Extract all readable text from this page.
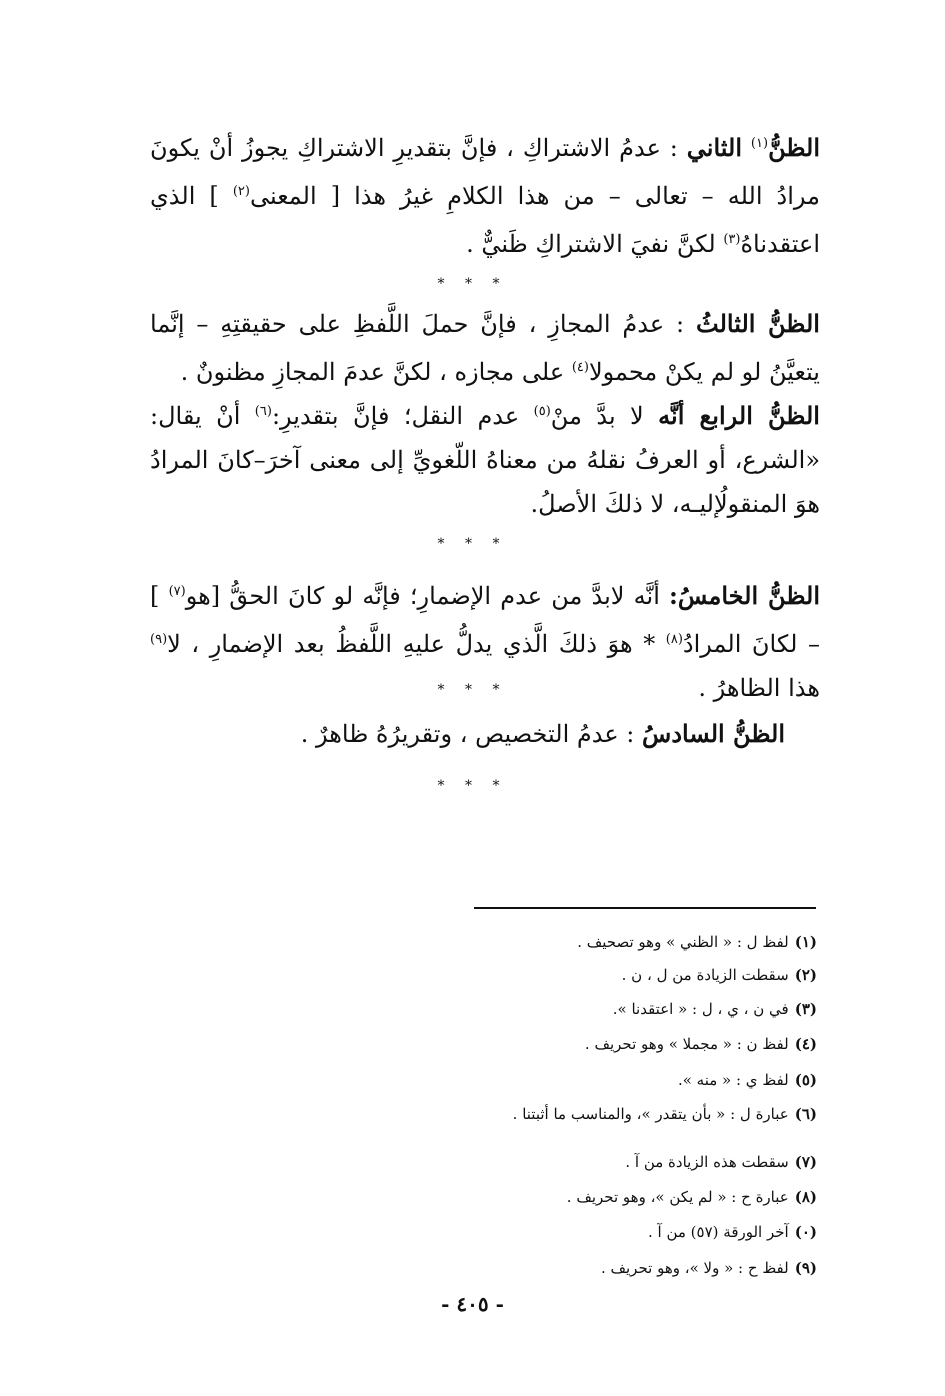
الظنُّ$^{(١)}$ الثاني : عدمُ الاشتراكِ ، فإنَّ بتقديرِ الاشتراكِ يجوزُ أنْ يكونَ مرادُ الله – تعالى – من هذا الكلامِ غيرُ هذا [ المعنى$^{(٢)}$ ] الذي اعتقدناهُ$^{(٣)}$ لكنَّ نفيَ الاشتراكِ ظَنيٌّ .
* * *
الظنُّ الثالثُ : عدمُ المجازِ ، فإنَّ حملَ اللَّفظِ على حقيقتِهِ – إنَّما يتعيَّنُ لو لم يكنْ محمولا$^{(٤)}$ على مجازه ، لكنَّ عدمَ المجازِ مظنونٌ .
الظنُّ الرابع أنَّه لا بدَّ منْ$^{(٥)}$ عدم النقل؛ فإنَّ بتقديرِ:$^{(٦)}$ أنْ يقال: «الشرع، أو العرفُ نقلهُ من معناهُ اللّغويِّ إلى معنى آخرَ–كانَ المرادُ هوَ المنقولُإليـه، لا ذلكَ الأصلُ.
* * *
الظنُّ الخامسُ: أنَّه لابدَّ من عدم الإضمارِ؛ فإنَّه لو كانَ الحقُّ [هو$^{(٧)}$ ] – لكانَ المرادُ$^{(٨)}$ * هوَ ذلكَ الَّذي يدلُّ عليهِ اللَّفظُ بعد الإضمارِ ، لا$^{(٩)}$ هذا الظاهرُ .
* * *
الظنُّ السادسُ : عدمُ التخصيص ، وتقريرُهُ ظاهرٌ .
* * *
(١)لفظ ل : « الظني » وهو تصحيف .
(٢)سقطت الزيادة من ل ، ن .
(٣)في ن ، ي ، ل : « اعتقدنا ».
(٤)لفظ ن : « مجملا » وهو تحريف .
(٥)لفظ ي : « منه ».
(٦)عبارة ل : « بأن يتقدر »، والمناسب ما أثبتنا .
(٧)سقطت هذه الزيادة من آ .
(٨)عبارة ح : « لم يكن »، وهو تحريف .
(٠)آخر الورقة (٥٧) من آ .
(٩)لفظ ح : « ولا »، وهو تحريف .
- ٤٠٥ -
